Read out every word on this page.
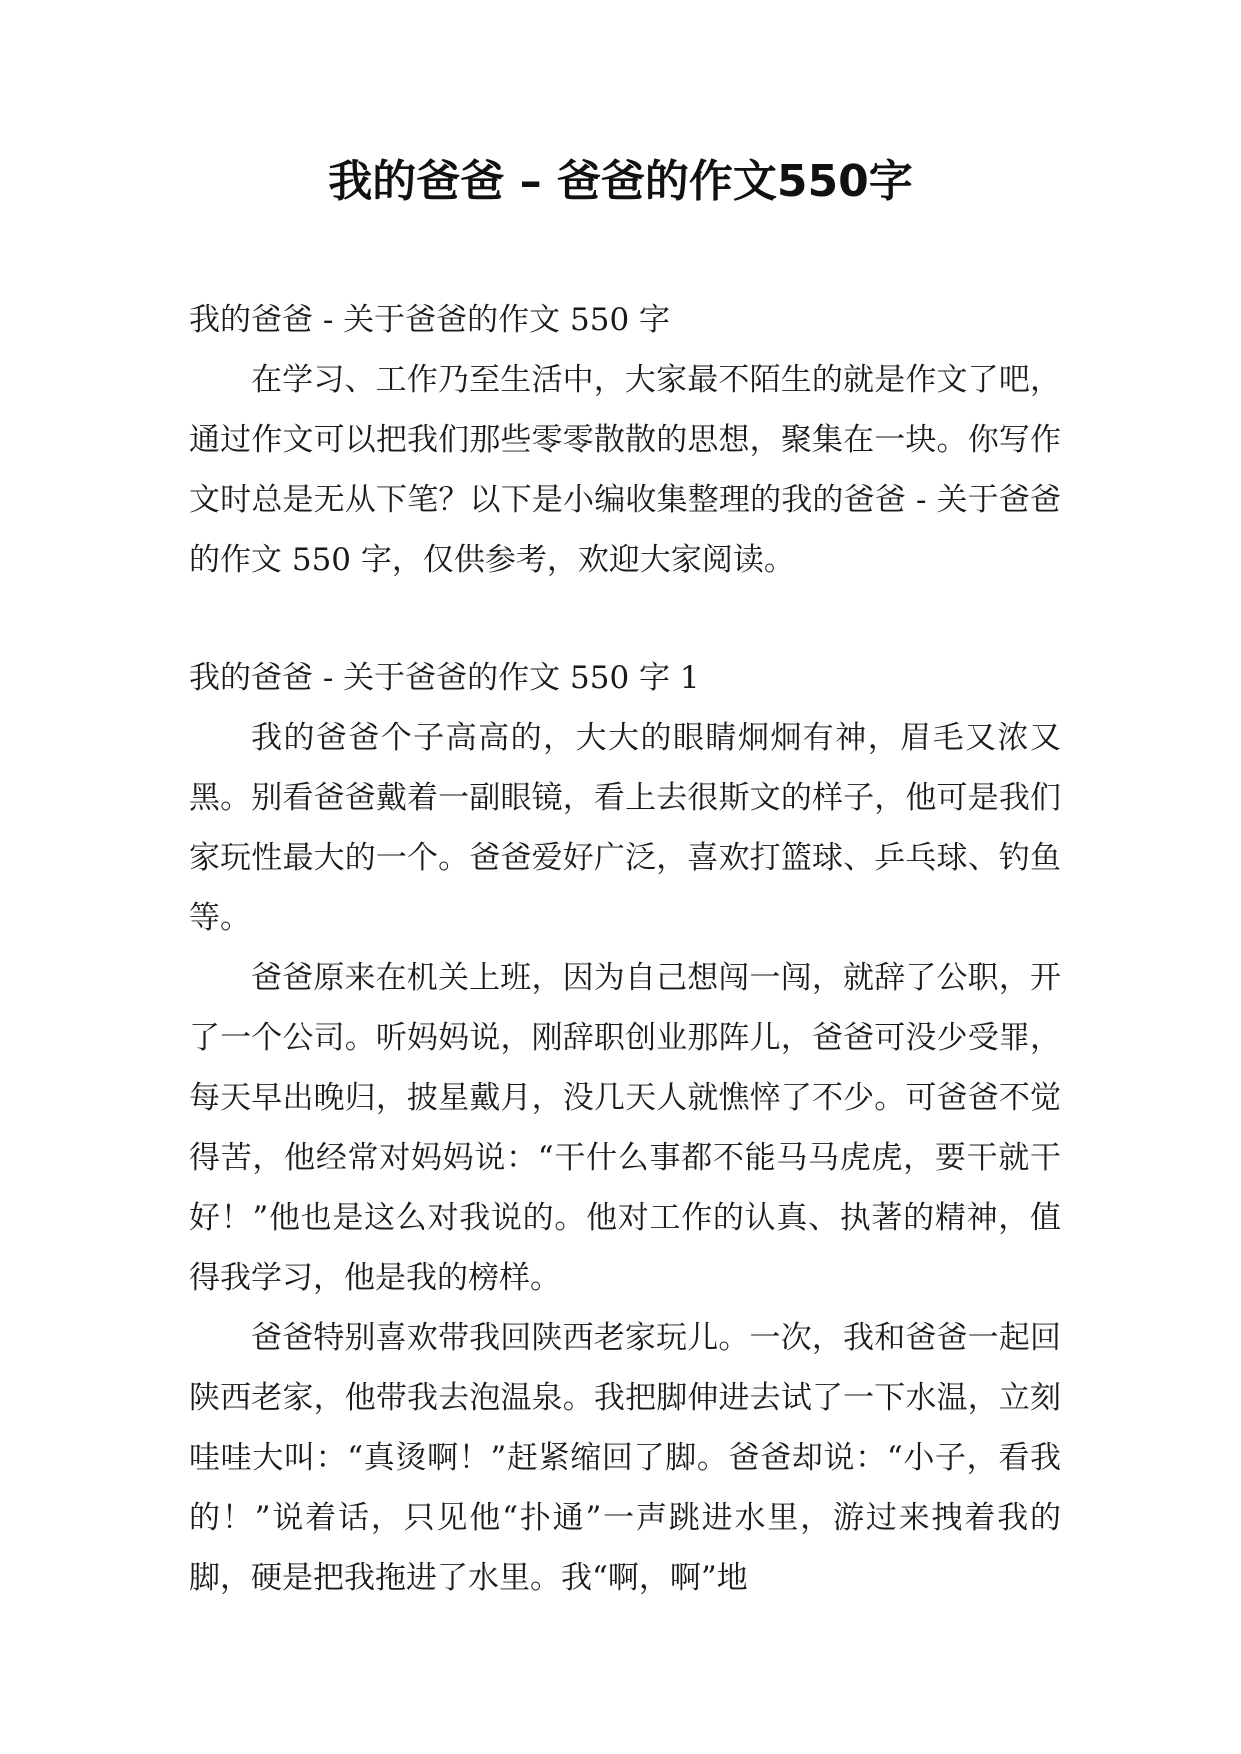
我的爸爸 – 爸爸的作文550字

我的爸爸 - 关于爸爸的作文 550 字

在学习、工作乃至生活中，大家最不陌生的就是作文了吧，通过作文可以把我们那些零零散散的思想，聚集在一块。你写作文时总是无从下笔？以下是小编收集整理的我的爸爸 - 关于爸爸的作文 550 字，仅供参考，欢迎大家阅读。

我的爸爸 - 关于爸爸的作文 550 字 1

我的爸爸个子高高的，大大的眼睛炯炯有神，眉毛又浓又黑。别看爸爸戴着一副眼镜，看上去很斯文的样子，他可是我们家玩性最大的一个。爸爸爱好广泛，喜欢打篮球、乒乓球、钓鱼等。

爸爸原来在机关上班，因为自己想闯一闯，就辞了公职，开了一个公司。听妈妈说，刚辞职创业那阵儿，爸爸可没少受罪，每天早出晚归，披星戴月，没几天人就憔悴了不少。可爸爸不觉得苦，他经常对妈妈说：“干什么事都不能马马虎虎，要干就干好！”他也是这么对我说的。他对工作的认真、执著的精神，值得我学习，他是我的榜样。

爸爸特别喜欢带我回陕西老家玩儿。一次，我和爸爸一起回陕西老家，他带我去泡温泉。我把脚伸进去试了一下水温，立刻哇哇大叫：“真烫啊！”赶紧缩回了脚。爸爸却说：“小子，看我的！”说着话，只见他“扑通”一声跳进水里，游过来拽着我的脚，硬是把我拖进了水里。我“啊，啊”地
